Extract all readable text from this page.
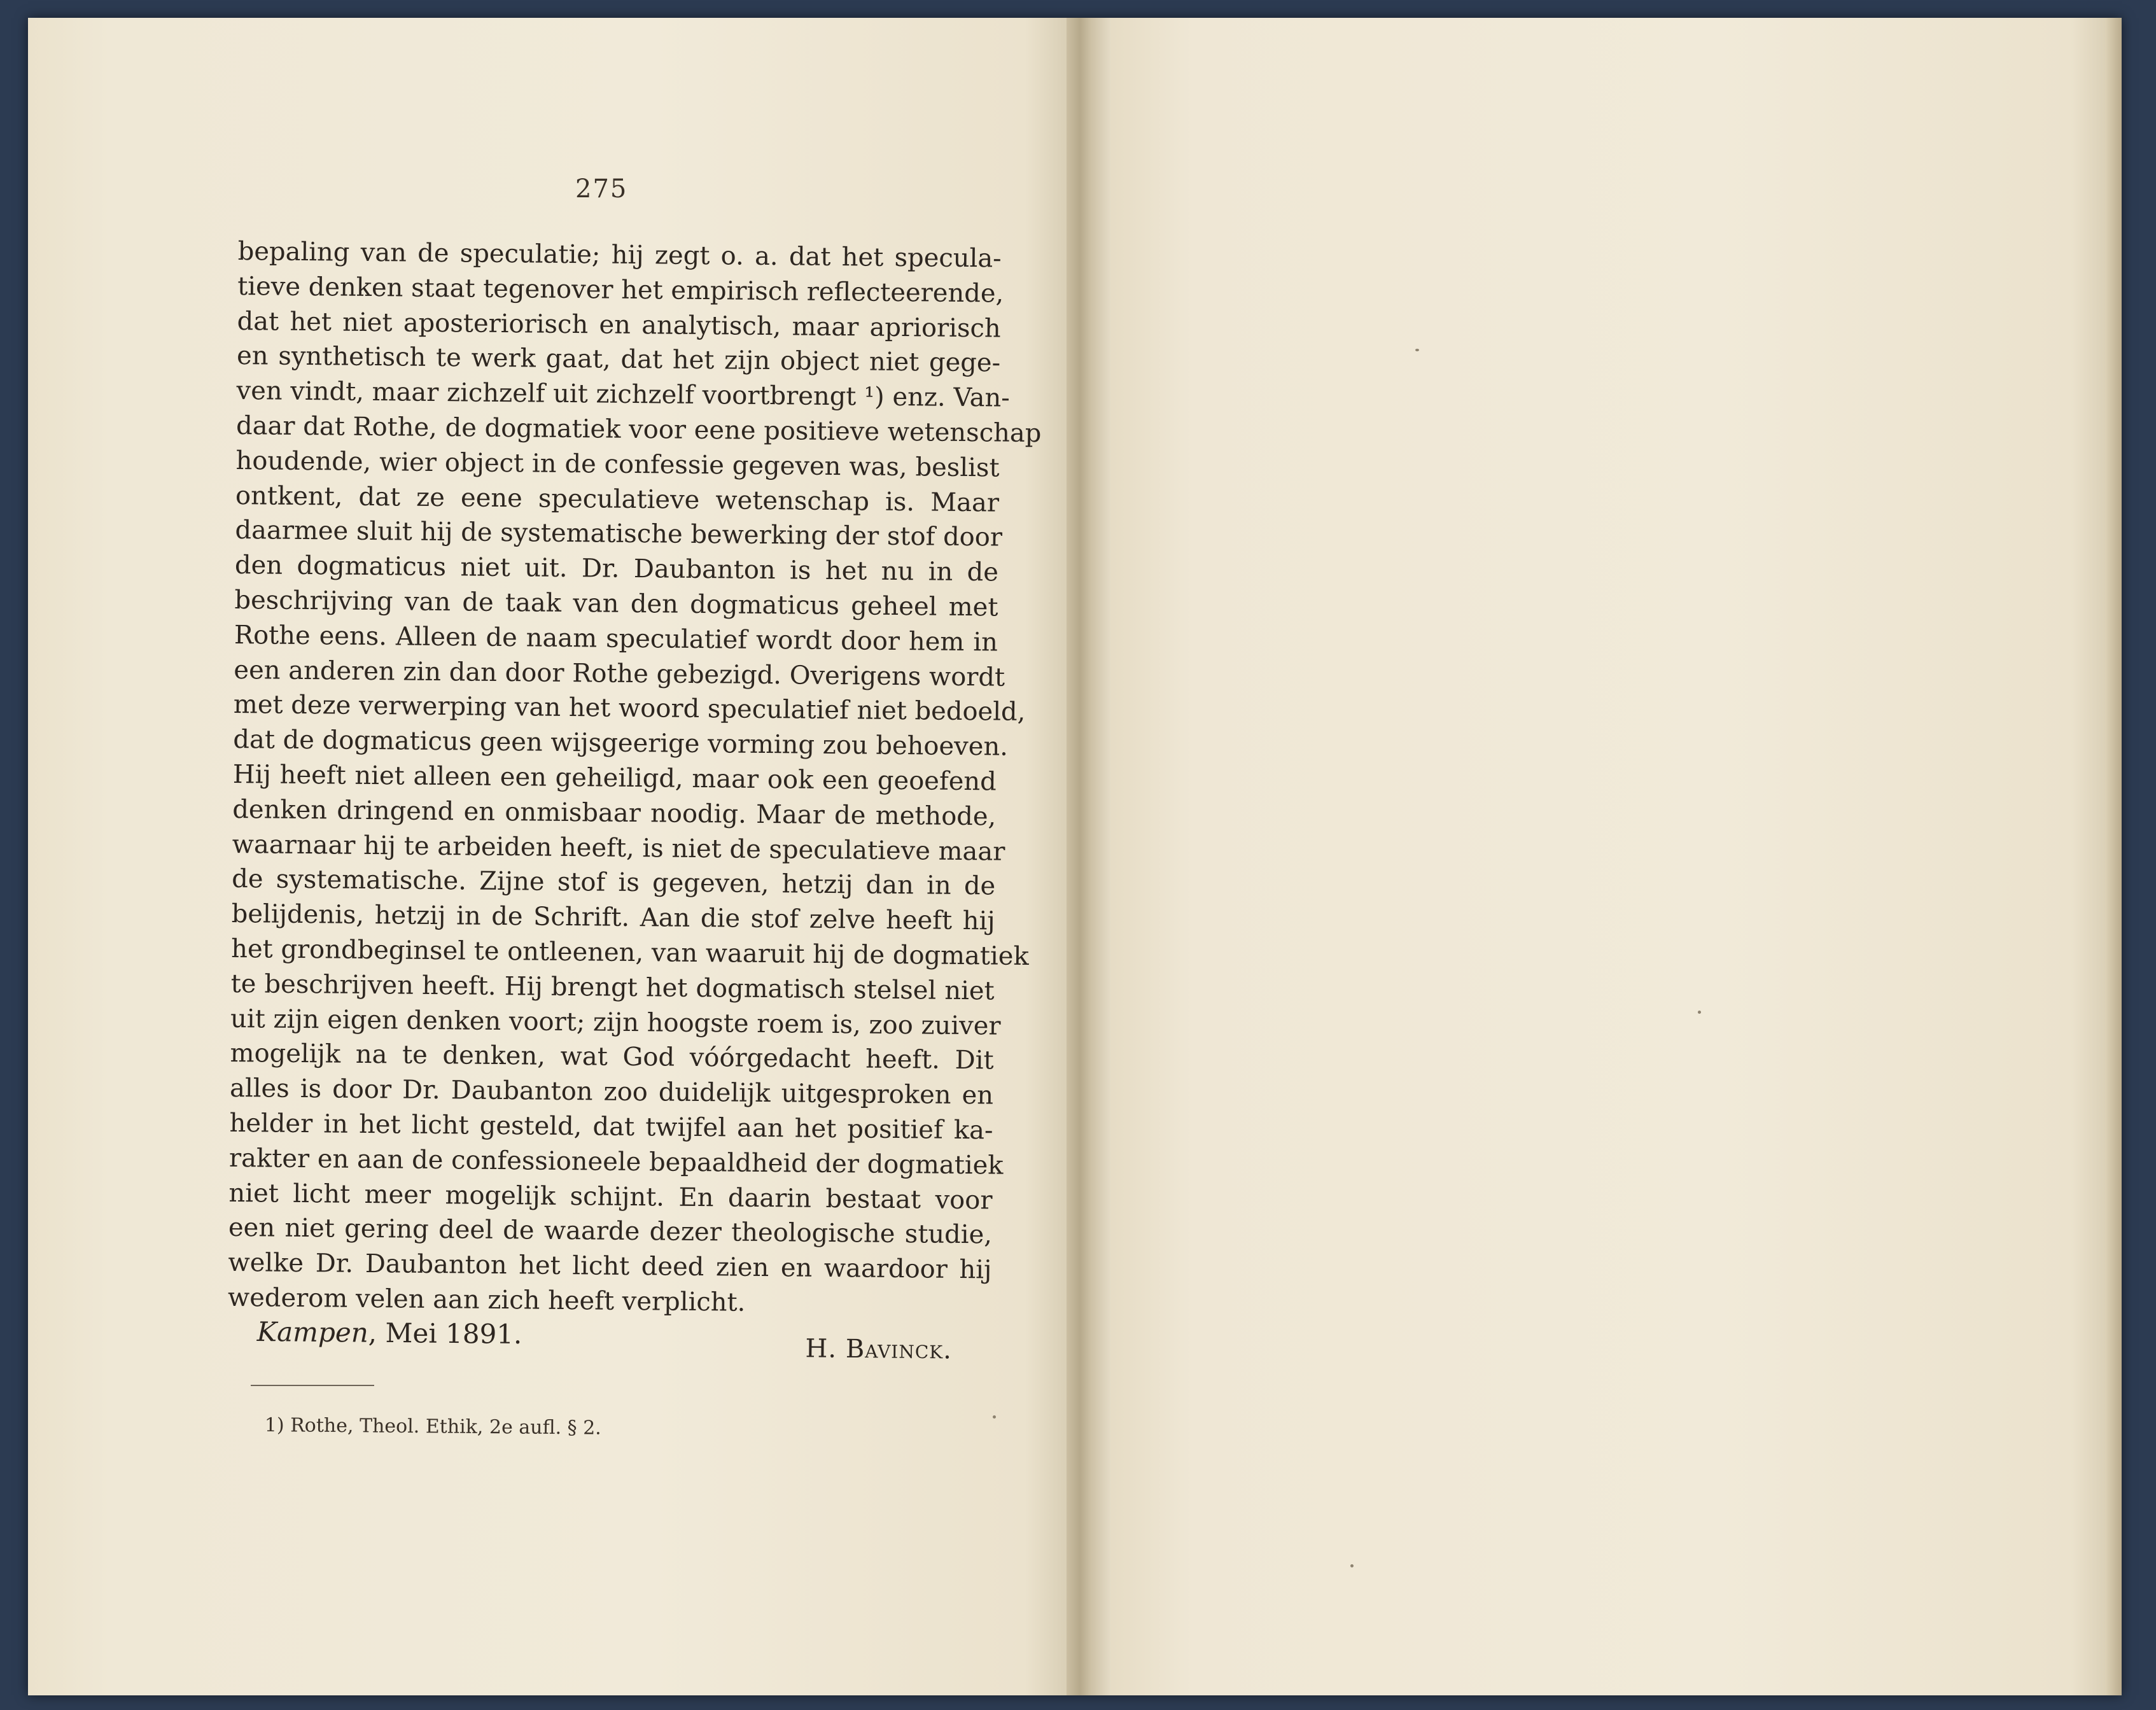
275
bepaling van de speculatie; hij zegt o. a. dat het specula-
tieve denken staat tegenover het empirisch reflecteerende,
dat het niet aposteriorisch en analytisch, maar apriorisch
en synthetisch te werk gaat, dat het zijn object niet gege-
ven vindt, maar zichzelf uit zichzelf voortbrengt ¹) enz. Van-
daar dat Rothe, de dogmatiek voor eene positieve wetenschap
houdende, wier object in de confessie gegeven was, beslist
ontkent, dat ze eene speculatieve wetenschap is. Maar
daarmee sluit hij de systematische bewerking der stof door
den dogmaticus niet uit. Dr. Daubanton is het nu in de
beschrijving van de taak van den dogmaticus geheel met
Rothe eens. Alleen de naam speculatief wordt door hem in
een anderen zin dan door Rothe gebezigd. Overigens wordt
met deze verwerping van het woord speculatief niet bedoeld,
dat de dogmaticus geen wijsgeerige vorming zou behoeven.
Hij heeft niet alleen een geheiligd, maar ook een geoefend
denken dringend en onmisbaar noodig. Maar de methode,
waarnaar hij te arbeiden heeft, is niet de speculatieve maar
de systematische. Zijne stof is gegeven, hetzij dan in de
belijdenis, hetzij in de Schrift. Aan die stof zelve heeft hij
het grondbeginsel te ontleenen, van waaruit hij de dogmatiek
te beschrijven heeft. Hij brengt het dogmatisch stelsel niet
uit zijn eigen denken voort; zijn hoogste roem is, zoo zuiver
mogelijk na te denken, wat God vóórgedacht heeft. Dit
alles is door Dr. Daubanton zoo duidelijk uitgesproken en
helder in het licht gesteld, dat twijfel aan het positief ka-
rakter en aan de confessioneele bepaaldheid der dogmatiek
niet licht meer mogelijk schijnt. En daarin bestaat voor
een niet gering deel de waarde dezer theologische studie,
welke Dr. Daubanton het licht deed zien en waardoor hij
wederom velen aan zich heeft verplicht.
Kampen, Mei 1891.	H. Bavinck.
1) Rothe, Theol. Ethik, 2e aufl. § 2.
